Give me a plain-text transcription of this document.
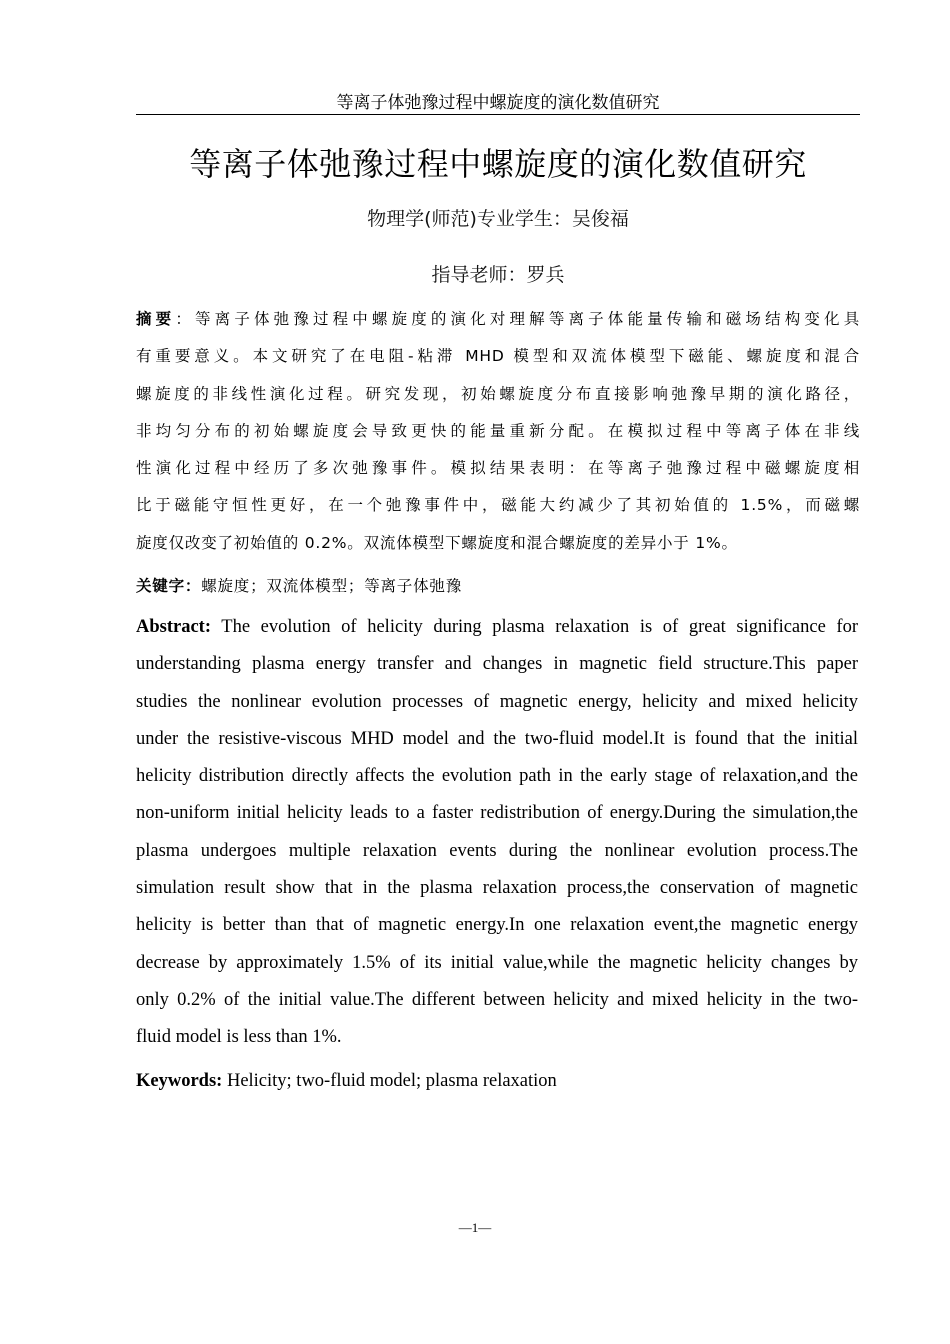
等离子体弛豫过程中螺旋度的演化数值研究
等离子体弛豫过程中螺旋度的演化数值研究
物理学(师范)专业学生：吴俊福
指导老师：罗兵
摘要：等离子体弛豫过程中螺旋度的演化对理解等离子体能量传输和磁场结构变化具
有重要意义。本文研究了在电阻-粘滞 MHD 模型和双流体模型下磁能、螺旋度和混合
螺旋度的非线性演化过程。研究发现，初始螺旋度分布直接影响弛豫早期的演化路径，
非均匀分布的初始螺旋度会导致更快的能量重新分配。在模拟过程中等离子体在非线
性演化过程中经历了多次弛豫事件。模拟结果表明：在等离子弛豫过程中磁螺旋度相
比于磁能守恒性更好，在一个弛豫事件中，磁能大约减少了其初始值的 1.5%，而磁螺
旋度仅改变了初始值的 0.2%。双流体模型下螺旋度和混合螺旋度的差异小于 1%。
关键字：螺旋度；双流体模型；等离子体弛豫
Abstract: The evolution of helicity during plasma relaxation is of great significance for
understanding plasma energy transfer and changes in magnetic field structure.This paper
studies the nonlinear evolution processes of magnetic energy, helicity and mixed helicity
under the resistive-viscous MHD model and the two-fluid model.It is found that the initial
helicity distribution directly affects the evolution path in the early stage of relaxation,and the
non-uniform initial helicity leads to a faster redistribution of energy.During the simulation,the
plasma undergoes multiple relaxation events during the nonlinear evolution process.The
simulation result show that in the plasma relaxation process,the conservation of magnetic
helicity is better than that of magnetic energy.In one relaxation event,the magnetic energy
decrease by approximately 1.5% of its initial value,while the magnetic helicity changes by
only 0.2% of the initial value.The different between helicity and mixed helicity in the two-
fluid model is less than 1%.
Keywords: Helicity; two-fluid model; plasma relaxation
—1—
